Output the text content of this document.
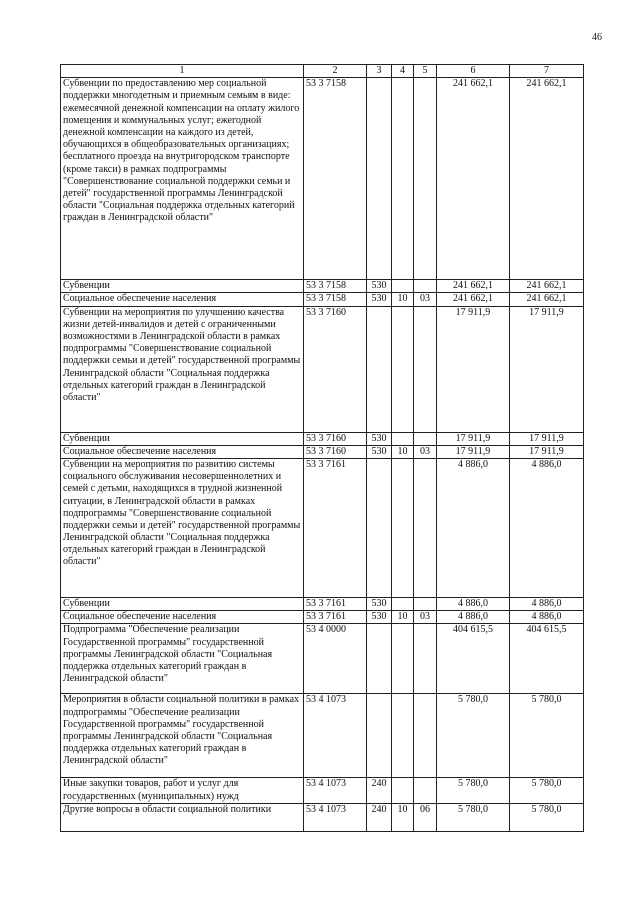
46
1	2	3	4	5	6	7
Субвенции по предоставлению мер социальной поддержки многодетным и приемным семьям в виде: ежемесячной денежной компенсации на оплату жилого помещения и коммунальных услуг; ежегодной денежной компенсации на каждого из детей, обучающихся в общеобразовательных организациях; бесплатного проезда на внутригородском транспорте (кроме такси) в рамках подпрограммы "Совершенствование социальной поддержки семьи и детей" государственной программы Ленинградской области "Социальная поддержка отдельных категорий граждан в Ленинградской области"	53 3 7158				241 662,1	241 662,1
Субвенции	53 3 7158	530			241 662,1	241 662,1
Социальное обеспечение населения	53 3 7158	530	10	03	241 662,1	241 662,1
Субвенции на мероприятия по улучшению качества жизни детей-инвалидов и детей с ограниченными возможностями в Ленинградской области в рамках подпрограммы "Совершенствование социальной поддержки семьи и детей" государственной программы Ленинградской области "Социальная поддержка отдельных категорий граждан в Ленинградской области"	53 3 7160				17 911,9	17 911,9
Субвенции	53 3 7160	530			17 911,9	17 911,9
Социальное обеспечение населения	53 3 7160	530	10	03	17 911,9	17 911,9
Субвенции на мероприятия по развитию системы социального обслуживания несовершеннолетних и семей с детьми, находящихся в трудной жизненной ситуации, в Ленинградской области в рамках подпрограммы "Совершенствование социальной поддержки семьи и детей" государственной программы Ленинградской области "Социальная поддержка отдельных категорий граждан в Ленинградской области"	53 3 7161				4 886,0	4 886,0
Субвенции	53 3 7161	530			4 886,0	4 886,0
Социальное обеспечение населения	53 3 7161	530	10	03	4 886,0	4 886,0
Подпрограмма "Обеспечение реализации Государственной программы" государственной программы Ленинградской области "Социальная поддержка отдельных категорий граждан в Ленинградской области"	53 4 0000				404 615,5	404 615,5
Мероприятия в области социальной политики в рамках подпрограммы "Обеспечение реализации Государственной программы" государственной программы Ленинградской области "Социальная поддержка отдельных категорий граждан в Ленинградской области"	53 4 1073				5 780,0	5 780,0
Иные закупки товаров, работ и услуг для государственных (муниципальных) нужд	53 4 1073	240			5 780,0	5 780,0
Другие вопросы в области социальной политики	53 4 1073	240	10	06	5 780,0	5 780,0
